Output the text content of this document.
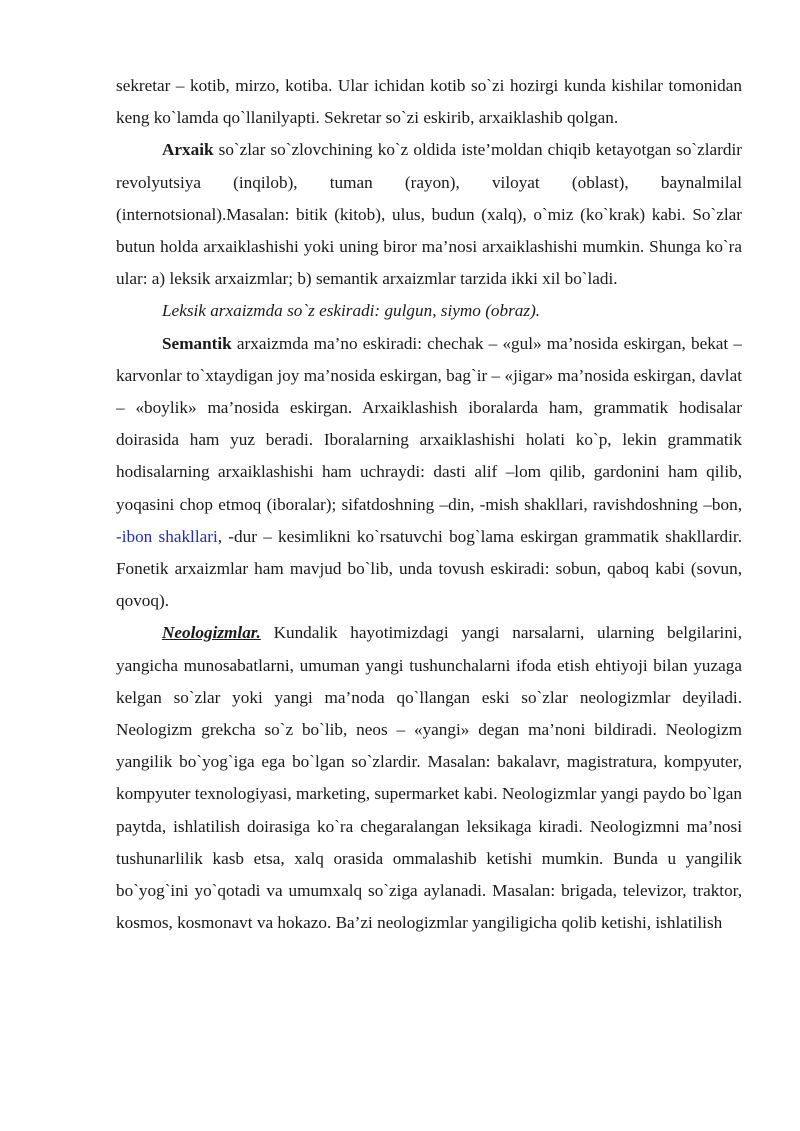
sekretar – kotib, mirzo, kotiba. Ular ichidan kotib so`zi hozirgi kunda kishilar tomonidan keng ko`lamda qo`llanilyapti. Sekretar so`zi eskirib, arxaiklashib qolgan.

Arxaik so`zlar so`zlovchining ko`z oldida iste’moldan chiqib ketayotgan so`zlardir revolyutsiya (inqilob), tuman (rayon), viloyat (oblast), baynalmilal (internotsional).Masalan: bitik (kitob), ulus, budun (xalq), o`miz (ko`krak) kabi. So`zlar butun holda arxaiklashishi yoki uning biror ma’nosi arxaiklashishi mumkin. Shunga ko`ra ular: a) leksik arxaizmlar; b) semantik arxaizmlar tarzida ikki xil bo`ladi.

Leksik arxaizmda so`z eskiradi: gulgun, siymo (obraz).

Semantik arxaizmda ma’no eskiradi: chechak – «gul» ma’nosida eskirgan, bekat – karvonlar to`xtaydigan joy ma’nosida eskirgan, bag`ir – «jigar» ma’nosida eskirgan, davlat – «boylik» ma’nosida eskirgan. Arxaiklashish iboralarda ham, grammatik hodisalar doirasida ham yuz beradi. Iboralarning arxaiklashishi holati ko`p, lekin grammatik hodisalarning arxaiklashishi ham uchraydi: dasti alif –lom qilib, gardonini ham qilib, yoqasini chop etmoq (iboralar); sifatdoshning –din, -mish shakllari, ravishdoshning –bon, -ibon shakllari, -dur – kesimlikni ko`rsatuvchi bog`lama eskirgan grammatik shakllardir. Fonetik arxaizmlar ham mavjud bo`lib, unda tovush eskiradi: sobun, qaboq kabi (sovun, qovoq).

Neologizmlar. Kundalik hayotimizdagi yangi narsalarni, ularning belgilarini, yangicha munosabatlarni, umuman yangi tushunchalarni ifoda etish ehtiyoji bilan yuzaga kelgan so`zlar yoki yangi ma’noda qo`llangan eski so`zlar neologizmlar deyiladi. Neologizm grekcha so`z bo`lib, neos – «yangi» degan ma’noni bildiradi. Neologizm yangilik bo`yog`iga ega bo`lgan so`zlardir. Masalan: bakalavr, magistratura, kompyuter, kompyuter texnologiyasi, marketing, supermarket kabi. Neologizmlar yangi paydo bo`lgan paytda, ishlatilish doirasiga ko`ra chegaralangan leksikaga kiradi. Neologizmni ma’nosi tushunarlilik kasb etsa, xalq orasida ommalashib ketishi mumkin. Bunda u yangilik bo`yog`ini yo`qotadi va umumxalq so`ziga aylanadi. Masalan: brigada, televizor, traktor, kosmos, kosmonavt va hokazo. Ba’zi neologizmlar yangiligicha qolib ketishi, ishlatilish
